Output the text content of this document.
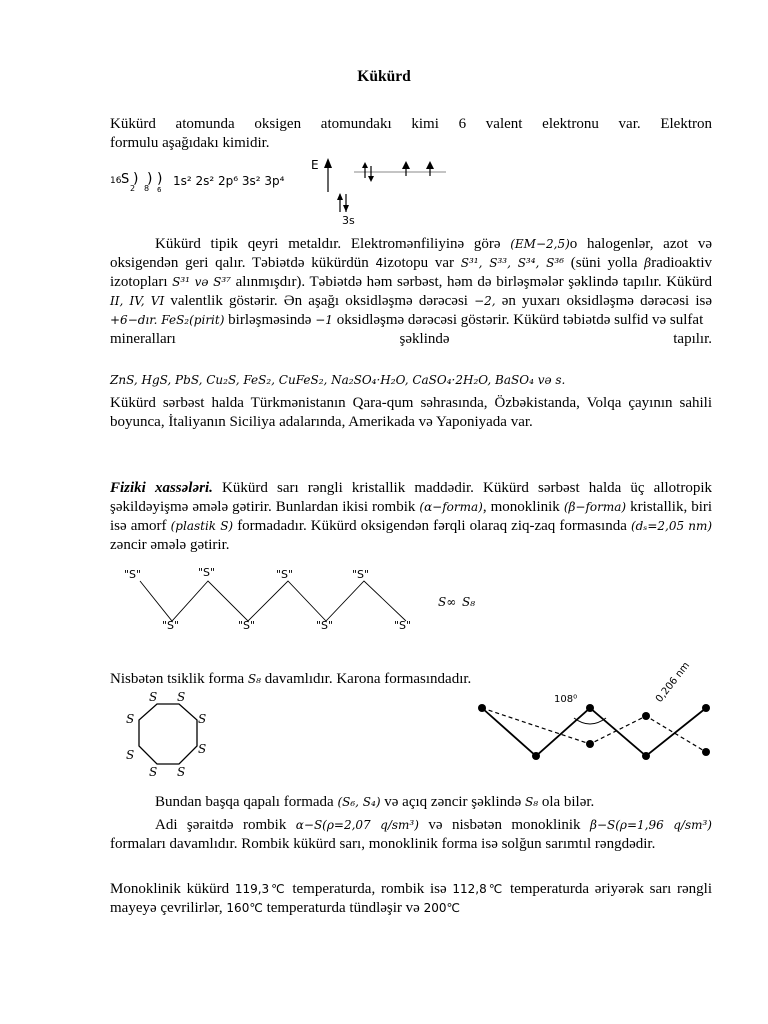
Kükürd
Kükürd atomunda oksigen atomundakı kimi 6 valent elektronu var. Elektron
formulu aşağıdakı kimidir.
16 S ) ) )
2 8 6
1s² 2s² 2p⁶ 3s² 3p⁴
E
3s
Kükürd tipik qeyri metaldır. Elektromənfiliyinə görə (EM−2,5)o halogenlər, azot və oksigendən geri qalır. Təbiətdə kükürdün 4izotopu var S³¹, S³³, S³⁴, S³⁶ (süni yolla βradioaktiv izotopları S³¹ və S³⁷ alınmışdır). Təbiətdə həm sərbəst, həm də birləşmələr şəklində tapılır. Kükürd II, IV, VI valentlik göstərir. Ən aşağı oksidləşmə dərəcəsi −2, ən yuxarı oksidləşmə dərəcəsi isə +6−dır. FeS₂(pirit) birləşməsində −1 oksidləşmə dərəcəsi göstərir. Kükürd təbiətdə sulfid və sulfat
mineralları	şəklində	tapılır.
ZnS, HgS, PbS, Cu₂S, FeS₂, CuFeS₂, Na₂SO₄·H₂O, CaSO₄·2H₂O, BaSO₄ və s.
Kükürd sərbəst halda Türkmənistanın Qara-qum səhrasında, Özbəkistanda, Volqa çayının sahili boyunca, İtaliyanın Siciliya adalarında, Amerikada və Yaponiyada var.
Fiziki xassələri. Kükürd sarı rəngli kristallik maddədir. Kükürd sərbəst halda üç allotropik şəkildəyişmə əmələ gətirir. Bunlardan ikisi rombik (α−forma), monoklinik (β−forma) kristallik, biri isə amorf (plastik S) formadadır. Kükürd oksigendən fərqli olaraq ziq-zaq formasında (dₛ=2,05 nm) zəncir əmələ gətirir.
"S"	"S"	"S"	"S"
"S"	"S"	"S"	"S"
S∞ S₈
Nisbətən tsiklik forma S₈ davamlıdır. Karona formasındadır.
S S
S	S
S
S
S S
108⁰	0,206 nm
Bundan başqa qapalı formada (S₆, S₄) və açıq zəncir şəklində S₈ ola bilər.
Adi şəraitdə rombik α−S(ρ=2,07 q/sm³) və nisbətən monoklinik β−S(ρ=1,96 q/sm³) formaları davamlıdır. Rombik kükürd sarı, monoklinik forma isə solğun sarımtıl rəngdədir.
Monoklinik kükürd 119,3℃ temperaturda, rombik isə 112,8℃ temperaturda əriyərək sarı rəngli mayeyə çevrilirlər, 160℃ temperaturda tündləşir və 200℃
